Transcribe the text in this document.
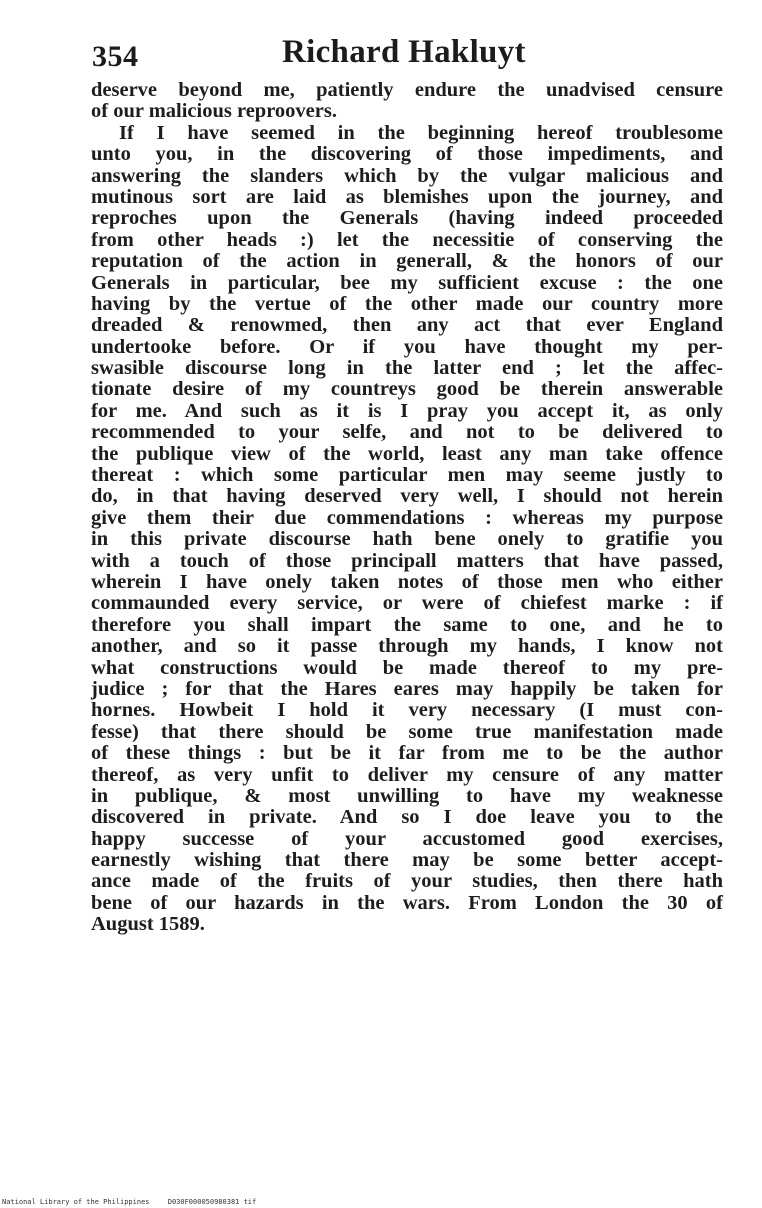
354	Richard Hakluyt
deserve beyond me, patiently endure the unadvised censure
of our malicious reproovers.
If I have seemed in the beginning hereof troublesome
unto you, in the discovering of those impediments, and
answering the slanders which by the vulgar malicious and
mutinous sort are laid as blemishes upon the journey, and
reproches upon the Generals (having indeed proceeded
from other heads :) let the necessitie of conserving the
reputation of the action in generall, & the honors of our
Generals in particular, bee my sufficient excuse : the one
having by the vertue of the other made our country more
dreaded & renowmed, then any act that ever England
undertooke before. Or if you have thought my per-
swasible discourse long in the latter end ; let the affec-
tionate desire of my countreys good be therein answerable
for me. And such as it is I pray you accept it, as only
recommended to your selfe, and not to be delivered to
the publique view of the world, least any man take offence
thereat : which some particular men may seeme justly to
do, in that having deserved very well, I should not herein
give them their due commendations : whereas my purpose
in this private discourse hath bene onely to gratifie you
with a touch of those principall matters that have passed,
wherein I have onely taken notes of those men who either
commaunded every service, or were of chiefest marke : if
therefore you shall impart the same to one, and he to
another, and so it passe through my hands, I know not
what constructions would be made thereof to my pre-
judice ; for that the Hares eares may happily be taken for
hornes. Howbeit I hold it very necessary (I must con-
fesse) that there should be some true manifestation made
of these things : but be it far from me to be the author
thereof, as very unfit to deliver my censure of any matter
in publique, & most unwilling to have my weaknesse
discovered in private. And so I doe leave you to the
happy successe of your accustomed good exercises,
earnestly wishing that there may be some better accept-
ance made of the fruits of your studies, then there hath
bene of our hazards in the wars. From London the 30 of
August 1589.
National Library of the Philippines	D030F000050980381 tif
